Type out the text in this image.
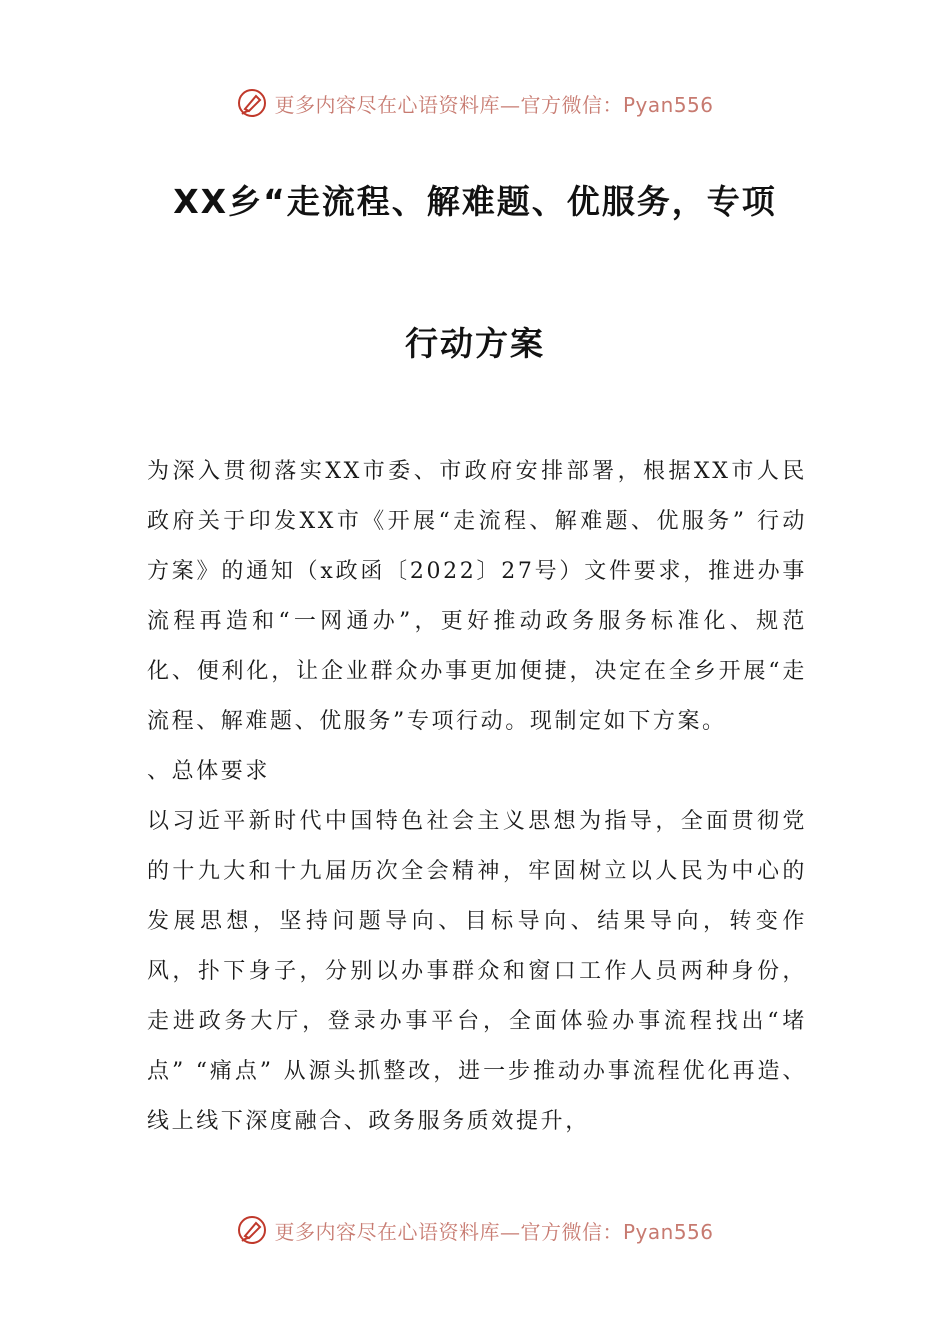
更多内容尽在心语资料库—官方微信：Pyan556
XX乡“走流程、解难题、优服务，专项
行动方案

为深入贯彻落实XX市委、市政府安排部署，根据XX市人民政府关于印发XX市《开展“走流程、解难题、优服务” 行动方案》的通知（x政函〔2022〕27号）文件要求，推进办事流程再造和“一网通办”，更好推动政务服务标准化、规范化、便利化，让企业群众办事更加便捷，决定在全乡开展“走流程、解难题、优服务”专项行动。现制定如下方案。

、总体要求

以习近平新时代中国特色社会主义思想为指导，全面贯彻党的十九大和十九届历次全会精神，牢固树立以人民为中心的发展思想，坚持问题导向、目标导向、结果导向，转变作风，扑下身子，分别以办事群众和窗口工作人员两种身份，走进政务大厅，登录办事平台，全面体验办事流程找出“堵点” “痛点” 从源头抓整改，进一步推动办事流程优化再造、线上线下深度融合、政务服务质效提升，

更多内容尽在心语资料库—官方微信：Pyan556
